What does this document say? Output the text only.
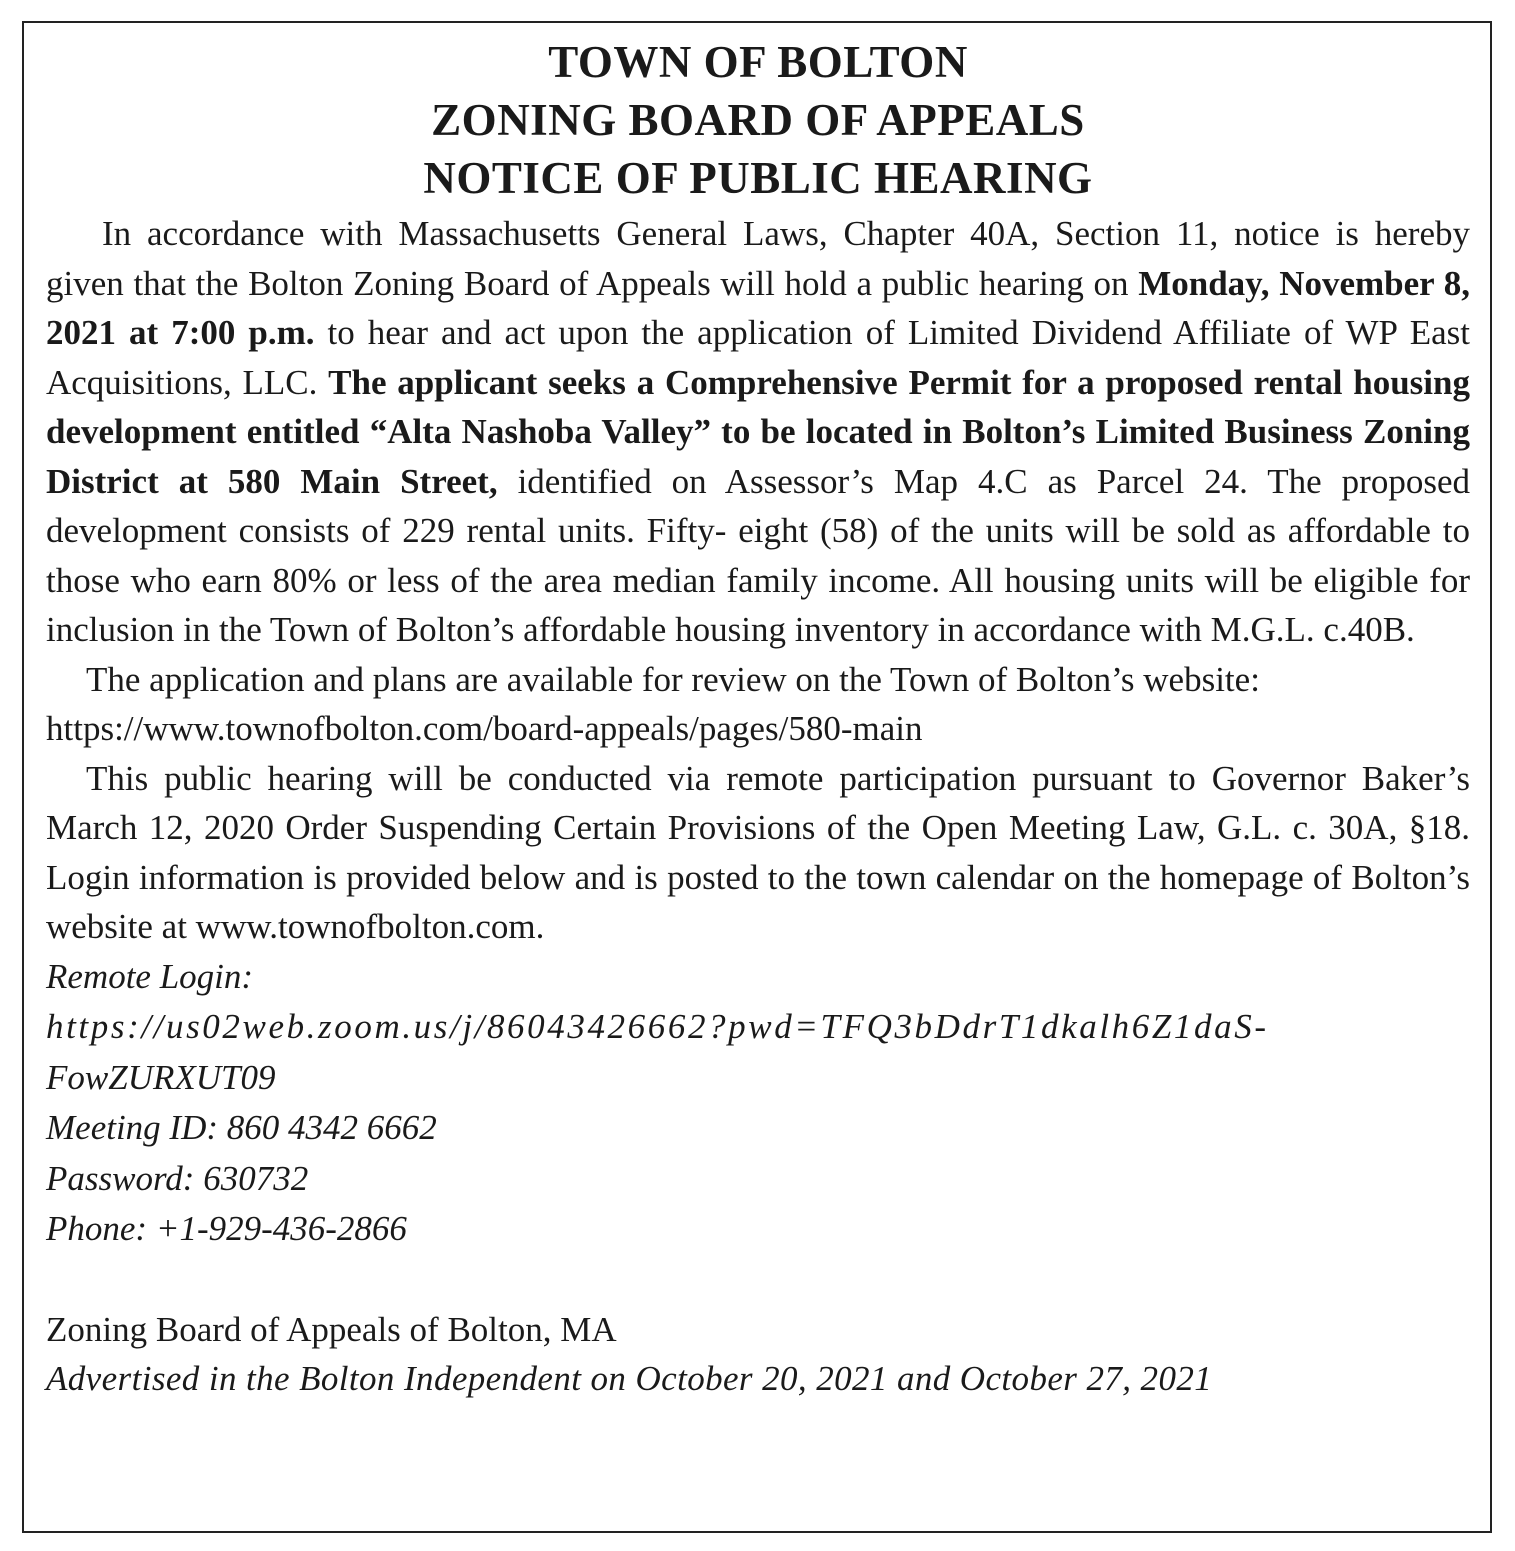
TOWN OF BOLTON
ZONING BOARD OF APPEALS
NOTICE OF PUBLIC HEARING

In accordance with Massachusetts General Laws, Chapter 40A, Section 11, notice is hereby given that the Bolton Zoning Board of Appeals will hold a public hearing on Monday, November 8, 2021 at 7:00 p.m. to hear and act upon the application of Limited Dividend Affiliate of WP East Acquisitions, LLC. The applicant seeks a Comprehensive Permit for a proposed rental housing development entitled “Alta Nashoba Valley” to be located in Bolton’s Limited Business Zoning District at 580 Main Street, identified on Assessor’s Map 4.C as Parcel 24. The proposed development consists of 229 rental units. Fifty- eight (58) of the units will be sold as affordable to those who earn 80% or less of the area median family income. All housing units will be eligible for inclusion in the Town of Bolton’s affordable housing inventory in accordance with M.G.L. c.40B.

The application and plans are available for review on the Town of Bolton’s website:

https://www.townofbolton.com/board-appeals/pages/580-main

This public hearing will be conducted via remote participation pursuant to Governor Baker’s March 12, 2020 Order Suspending Certain Provisions of the Open Meeting Law, G.L. c. 30A, §18. Login information is provided below and is posted to the town calendar on the homepage of Bolton’s website at www.townofbolton.com.

Remote Login:
https://us02web.zoom.us/j/86043426662?pwd=TFQ3bDdrT1dkalh6Z1daS-
FowZURXUT09
Meeting ID: 860 4342 6662
Password: 630732
Phone: +1-929-436-2866

Zoning Board of Appeals of Bolton, MA

Advertised in the Bolton Independent on October 20, 2021 and October 27, 2021
